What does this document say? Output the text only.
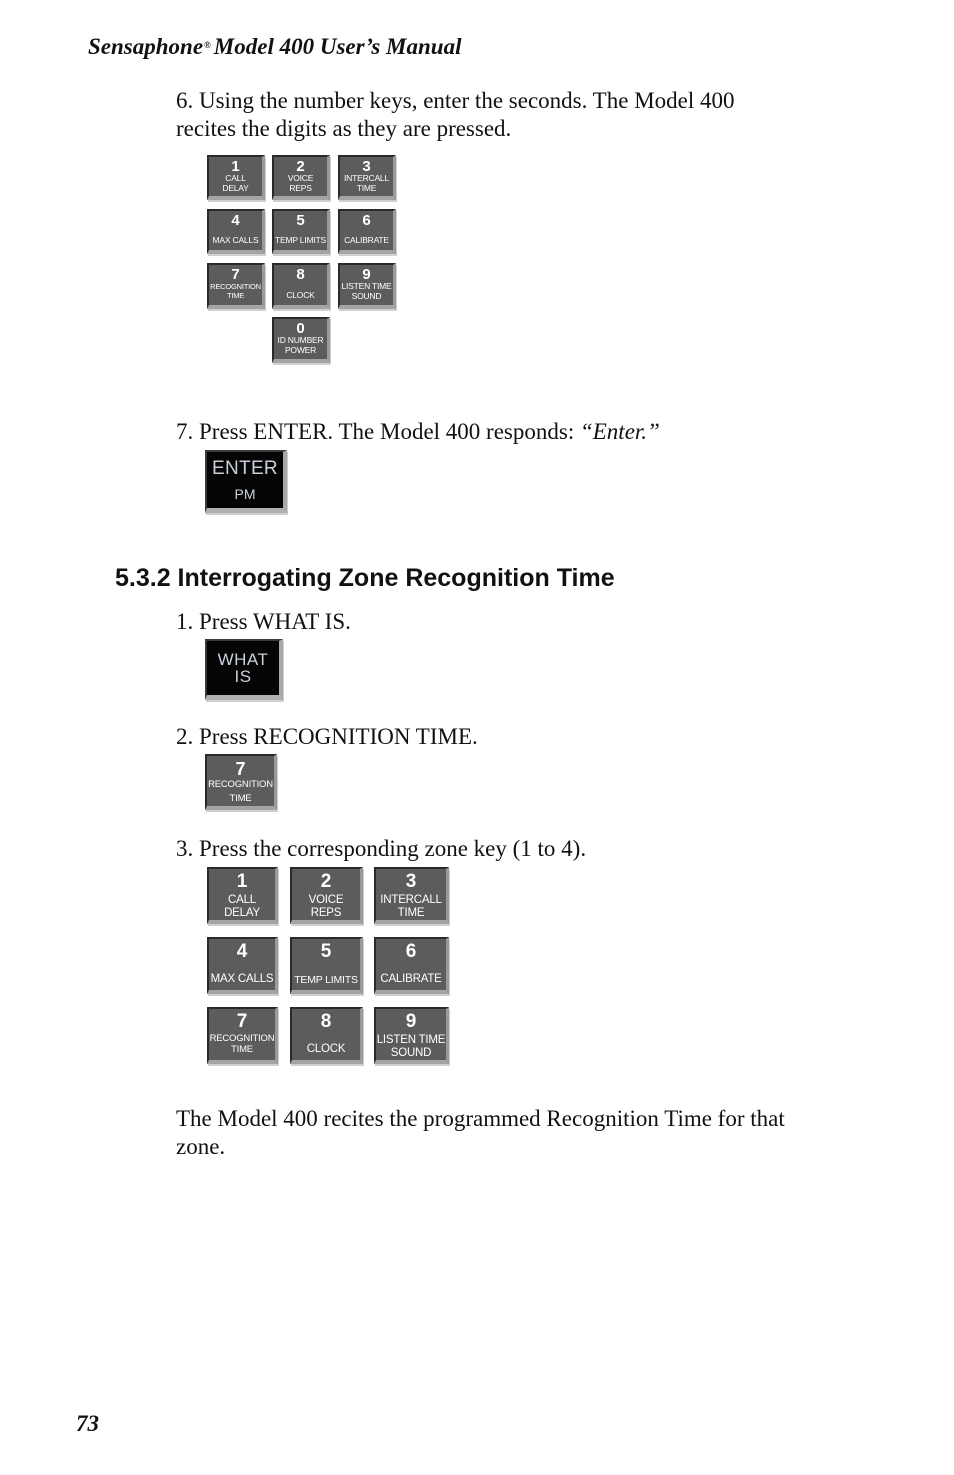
Sensaphone® Model 400 User’s Manual
6. Using the number keys, enter the seconds. The Model 400
recites the digits as they are pressed.
1
CALL
DELAY
2
VOICE
REPS
3
INTERCALL
TIME
4
MAX CALLS
5
TEMP LIMITS
6
CALIBRATE
7
RECOGNITION
TIME
8
CLOCK
9
LISTEN TIME
SOUND
0
ID NUMBER
POWER
7. Press ENTER. The Model 400 responds: “Enter.”
ENTER
PM
5.3.2 Interrogating Zone Recognition Time
1. Press WHAT IS.
WHAT
IS
2. Press RECOGNITION TIME.
7
RECOGNITION
TIME
3. Press the corresponding zone key (1 to 4).
1
CALL
DELAY
2
VOICE
REPS
3
INTERCALL
TIME
4
MAX CALLS
5
TEMP LIMITS
6
CALIBRATE
7
RECOGNITION
TIME
8
CLOCK
9
LISTEN TIME
SOUND
The Model 400 recites the programmed Recognition Time for that
zone.
73
